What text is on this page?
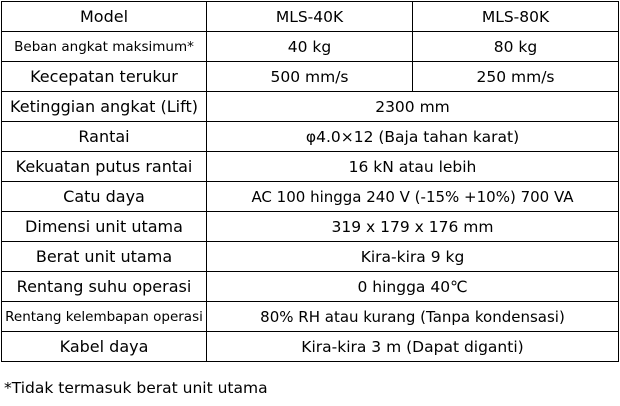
Model	MLS-40K	MLS-80K
Beban angkat maksimum*	40 kg	80 kg
Kecepatan terukur	500 mm/s	250 mm/s
Ketinggian angkat (Lift)	2300 mm	
Rantai	φ4.0×12 (Baja tahan karat)	
Kekuatan putus rantai	16 kN atau lebih	
Catu daya	AC 100 hingga 240 V (-15% +10%) 700 VA	
Dimensi unit utama	319 x 179 x 176 mm	
Berat unit utama	Kira-kira 9 kg	
Rentang suhu operasi	0 hingga 40℃	
Rentang kelembapan operasi	80% RH atau kurang (Tanpa kondensasi)	
Kabel daya	Kira-kira 3 m (Dapat diganti)	
*Tidak termasuk berat unit utama
